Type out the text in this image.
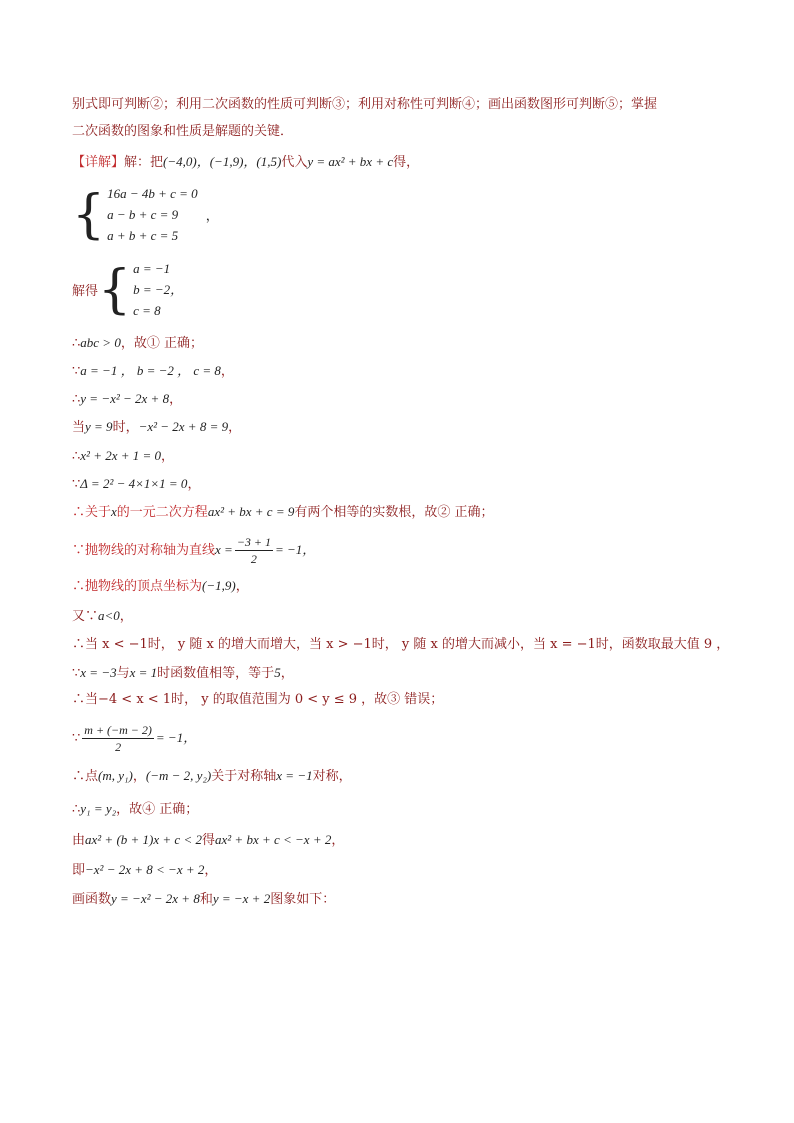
别式即可判断②；利用二次函数的性质可判断③；利用对称性可判断④；画出函数图形可判断⑤；掌握
二次函数的图象和性质是解题的关键．
【详解】解：把(−4,0)，(−1,9)，(1,5)代入y = ax² + bx + c得，
{ 16a − 4b + c = 0
a − b + c = 9
a + b + c = 5
，
解得 { a = −1
b = −2，
c = 8
∴abc > 0，故① 正确；
∵a = −1 ， b = −2 ， c = 8，
∴y = −x² − 2x + 8，
当y = 9时，−x² − 2x + 8 = 9，
∴x² + 2x + 1 = 0，
∵Δ = 2² − 4×1×1 = 0，
∴关于x的一元二次方程ax² + bx + c = 9有两个相等的实数根，故② 正确；
∵抛物线的对称轴为直线$x = \frac{-3 + 1}{2} = -1$，
∴抛物线的顶点坐标为(−1,9)，
又∵a<0，
∴当 x < −1时， y 随 x 的增大而增大，当 x > −1时， y 随 x 的增大而减小，当 x = −1时，函数取最大值 9 ，
∵x = −3与x = 1时函数值相等，等于5，
∴当−4 < x < 1时， y 的取值范围为 0 < y ≤ 9 ，故③ 错误；
∵ $\frac{m + (-m - 2)}{2} = -1$，
∴点(m, y₁)，(−m − 2, y₂)关于对称轴x = −1对称，
∴y₁ = y₂，故④ 正确；
由ax² + (b + 1)x + c < 2得ax² + bx + c < −x + 2，
即−x² − 2x + 8 < −x + 2，
画函数y = −x² − 2x + 8和y = −x + 2图象如下：
